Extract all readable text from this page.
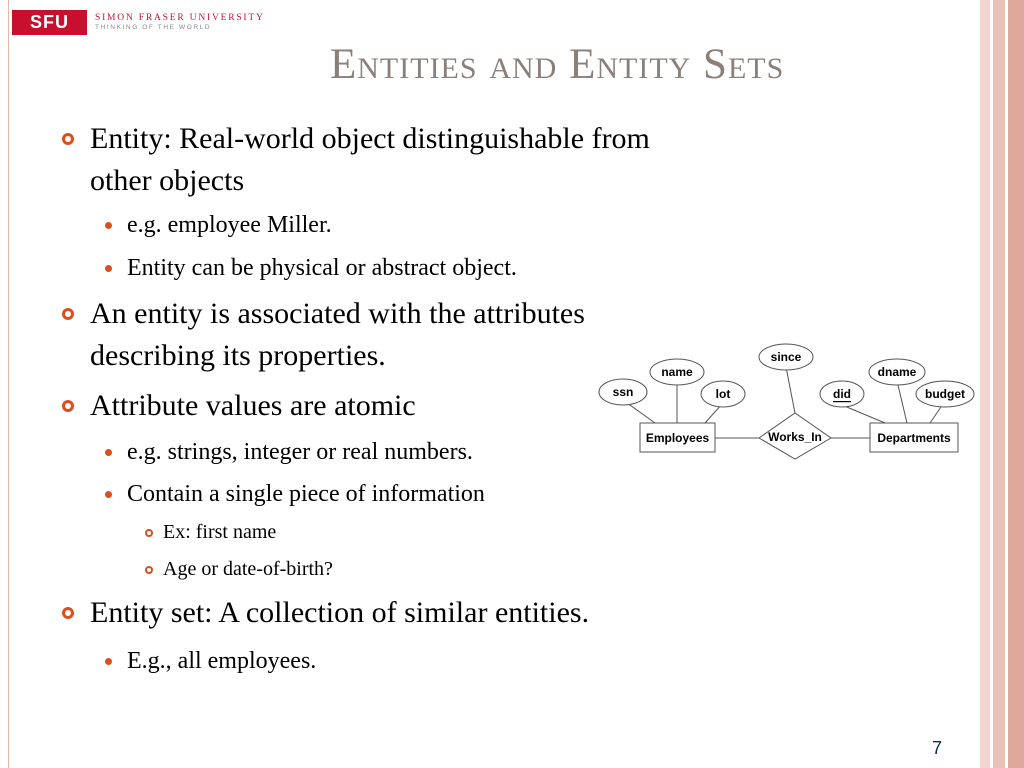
SFU	SIMON FRASER UNIVERSITY
THINKING OF THE WORLD
Entities and Entity Sets
Entity: Real-world object distinguishable from
other objects
e.g. employee Miller.
Entity can be physical or abstract object.
An entity is associated with the attributes
describing its properties.
Attribute values are atomic
e.g. strings, integer or real numbers.
Contain a single piece of information
Ex: first name
Age or date-of-birth?
Entity set: A collection of similar entities.
E.g., all employees.
ssn
name
lot
since
did
dname
budget
Employees	Works_In	Departments
7
